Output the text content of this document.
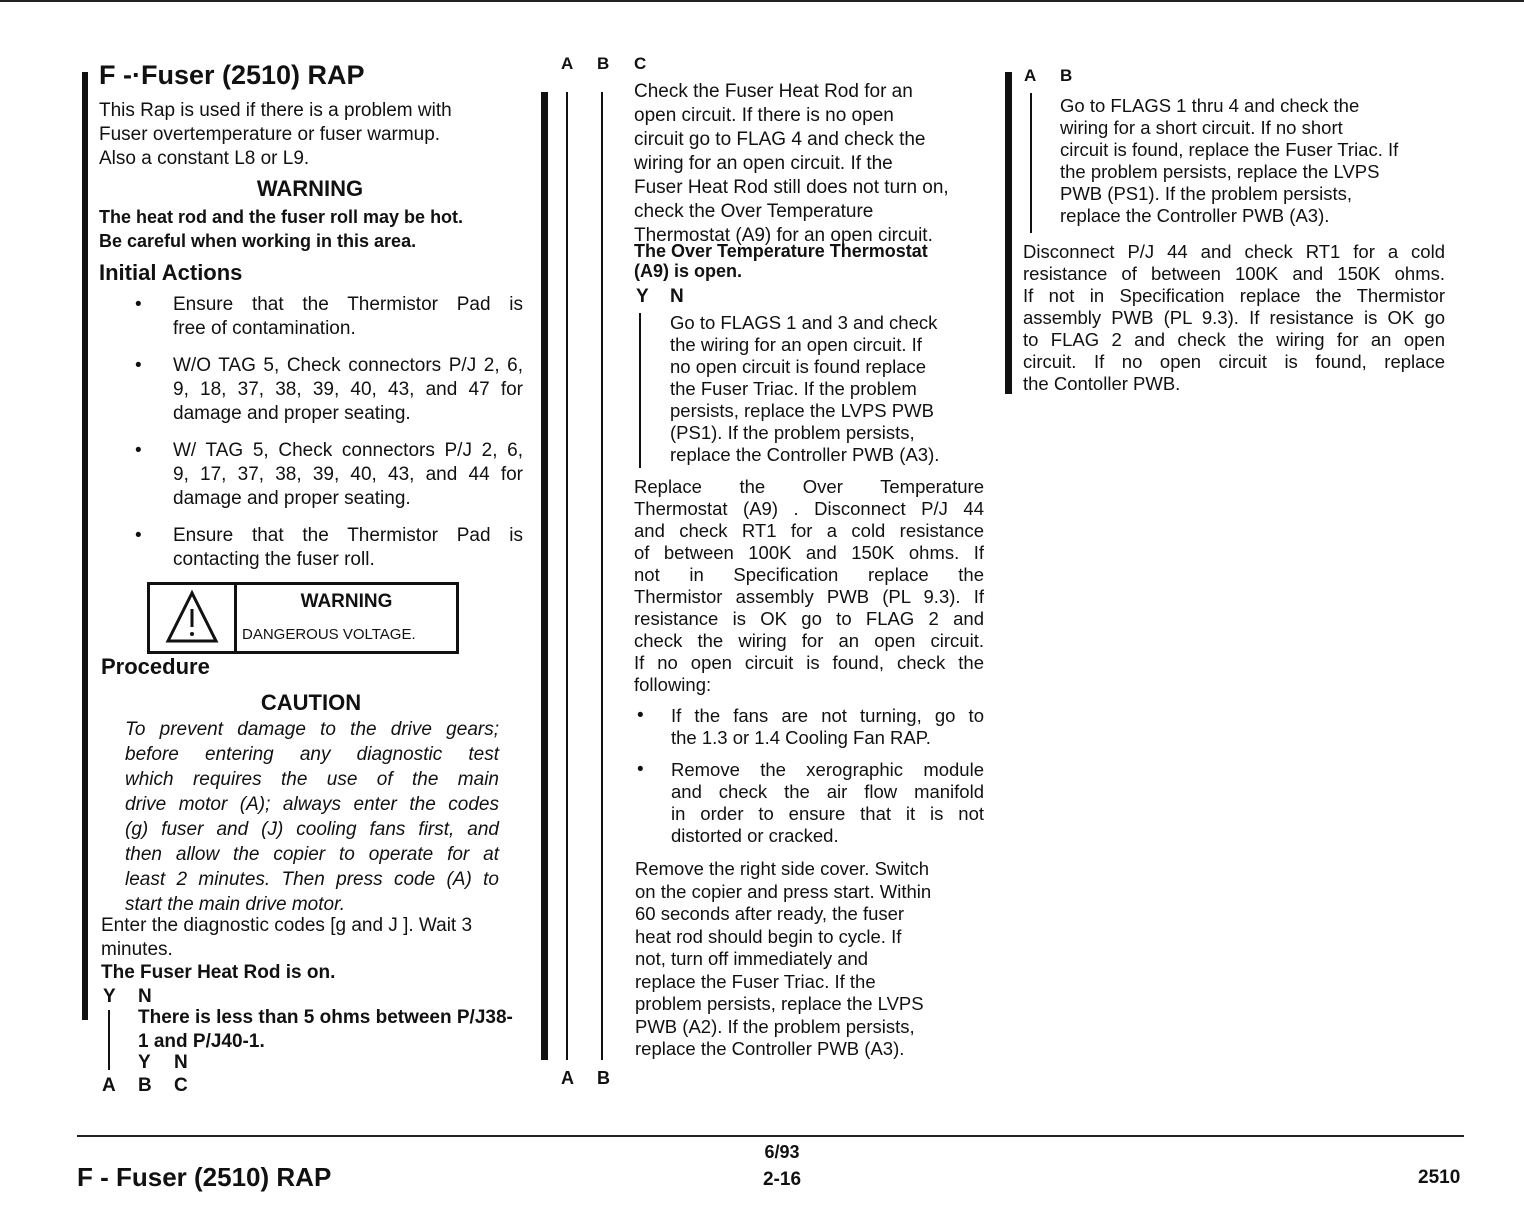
F -·Fuser (2510) RAP
This Rap is used if there is a problem with
Fuser overtemperature or fuser warmup.
Also a constant L8 or L9.
WARNING
The heat rod and the fuser roll may be hot.
Be careful when working in this area.
Initial Actions
• Ensure that the Thermistor Pad is
free of contamination.
• W/O TAG 5, Check connectors P/J 2, 6,
9, 18, 37, 38, 39, 40, 43, and 47 for
damage and proper seating.
• W/ TAG 5, Check connectors P/J 2, 6,
9, 17, 37, 38, 39, 40, 43, and 44 for
damage and proper seating.
• Ensure that the Thermistor Pad is
contacting the fuser roll.
WARNING
DANGEROUS VOLTAGE.
Procedure
CAUTION
To prevent damage to the drive gears;
before entering any diagnostic test
which requires the use of the main
drive motor (A); always enter the codes
(g) fuser and (J) cooling fans first, and
then allow the copier to operate for at
least 2 minutes. Then press code (A) to
start the main drive motor.
Enter the diagnostic codes [g and J ]. Wait 3
minutes.
The Fuser Heat Rod is on.
Y N
There is less than 5 ohms between P/J38-
1 and P/J40-1.
Y N
A B C
A B C
Check the Fuser Heat Rod for an
open circuit. If there is no open
circuit go to FLAG 4 and check the
wiring for an open circuit. If the
Fuser Heat Rod still does not turn on,
check the Over Temperature
Thermostat (A9) for an open circuit.
The Over Temperature Thermostat
(A9) is open.
Y N
Go to FLAGS 1 and 3 and check
the wiring for an open circuit. If
no open circuit is found replace
the Fuser Triac. If the problem
persists, replace the LVPS PWB
(PS1). If the problem persists,
replace the Controller PWB (A3).
Replace the Over Temperature
Thermostat (A9) . Disconnect P/J 44
and check RT1 for a cold resistance
of between 100K and 150K ohms. If
not in Specification replace the
Thermistor assembly PWB (PL 9.3). If
resistance is OK go to FLAG 2 and
check the wiring for an open circuit.
If no open circuit is found, check the
following:
• If the fans are not turning, go to
the 1.3 or 1.4 Cooling Fan RAP.
• Remove the xerographic module
and check the air flow manifold
in order to ensure that it is not
distorted or cracked.
Remove the right side cover. Switch
on the copier and press start. Within
60 seconds after ready, the fuser
heat rod should begin to cycle. If
not, turn off immediately and
replace the Fuser Triac. If the
problem persists, replace the LVPS
PWB (A2). If the problem persists,
replace the Controller PWB (A3).
A B
A B
Go to FLAGS 1 thru 4 and check the
wiring for a short circuit. If no short
circuit is found, replace the Fuser Triac. If
the problem persists, replace the LVPS
PWB (PS1). If the problem persists,
replace the Controller PWB (A3).
Disconnect P/J 44 and check RT1 for a cold
resistance of between 100K and 150K ohms.
If not in Specification replace the Thermistor
assembly PWB (PL 9.3). If resistance is OK go
to FLAG 2 and check the wiring for an open
circuit. If no open circuit is found, replace
the Contoller PWB.
F - Fuser (2510) RAP
6/93
2-16	2510
